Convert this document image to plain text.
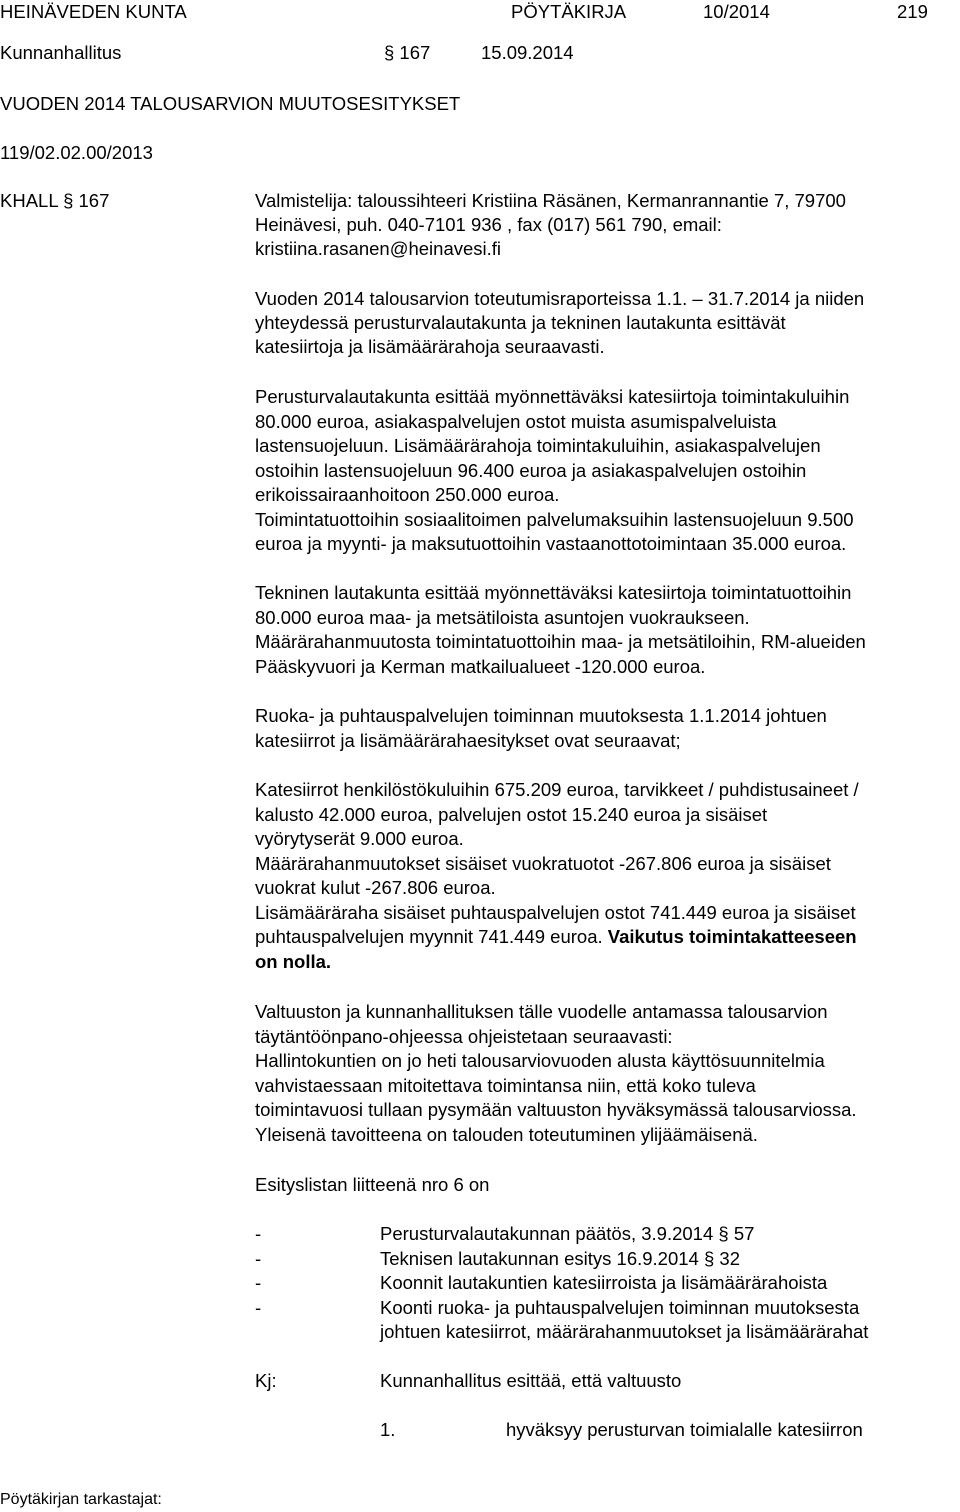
HEINÄVEDEN KUNTA	PÖYTÄKIRJA	10/2014	219
Kunnanhallitus	§ 167	15.09.2014
VUODEN 2014 TALOUSARVION MUUTOSESITYKSET
119/02.02.00/2013
KHALL § 167	Valmistelija: taloussihteeri Kristiina Räsänen, Kermanrannantie 7, 79700
Heinävesi, puh. 040-7101 936 , fax (017) 561 790, email:
kristiina.rasanen@heinavesi.fi
Vuoden 2014 talousarvion toteutumisraporteissa 1.1. – 31.7.2014 ja niiden
yhteydessä perusturvalautakunta ja tekninen lautakunta esittävät
katesiirtoja ja lisämäärärahoja seuraavasti.
Perusturvalautakunta esittää myönnettäväksi katesiirtoja toimintakuluihin
80.000 euroa, asiakaspalvelujen ostot muista asumispalveluista
lastensuojeluun. Lisämäärärahoja toimintakuluihin, asiakaspalvelujen
ostoihin lastensuojeluun 96.400 euroa ja asiakaspalvelujen ostoihin
erikoissairaanhoitoon 250.000 euroa.
Toimintatuottoihin sosiaalitoimen palvelumaksuihin lastensuojeluun 9.500
euroa ja myynti- ja maksutuottoihin vastaanottotoimintaan 35.000 euroa.
Tekninen lautakunta esittää myönnettäväksi katesiirtoja toimintatuottoihin
80.000 euroa maa- ja metsätiloista asuntojen vuokraukseen.
Määrärahanmuutosta toimintatuottoihin maa- ja metsätiloihin, RM-alueiden
Pääskyvuori ja Kerman matkailualueet -120.000 euroa.
Ruoka- ja puhtauspalvelujen toiminnan muutoksesta 1.1.2014 johtuen
katesiirrot ja lisämäärärahaesitykset ovat seuraavat;
Katesiirrot henkilöstökuluihin 675.209 euroa, tarvikkeet / puhdistusaineet /
kalusto 42.000 euroa, palvelujen ostot 15.240 euroa ja sisäiset
vyörytyserät 9.000 euroa.
Määrärahanmuutokset sisäiset vuokratuotot -267.806 euroa ja sisäiset
vuokrat kulut -267.806 euroa.
Lisämääräraha sisäiset puhtauspalvelujen ostot 741.449 euroa ja sisäiset
puhtauspalvelujen myynnit 741.449 euroa. Vaikutus toimintakatteeseen
on nolla.
Valtuuston ja kunnanhallituksen tälle vuodelle antamassa talousarvion
täytäntöönpano-ohjeessa ohjeistetaan seuraavasti:
Hallintokuntien on jo heti talousarviovuoden alusta käyttösuunnitelmia
vahvistaessaan mitoitettava toimintansa niin, että koko tuleva
toimintavuosi tullaan pysymään valtuuston hyväksymässä talousarviossa.
Yleisenä tavoitteena on talouden toteutuminen ylijäämäisenä.
Esityslistan liitteenä nro 6 on
-	Perusturvalautakunnan päätös, 3.9.2014 § 57
-	Teknisen lautakunnan esitys 16.9.2014 § 32
-	Koonnit lautakuntien katesiirroista ja lisämäärärahoista
-	Koonti ruoka- ja puhtauspalvelujen toiminnan muutoksesta
johtuen katesiirrot, määrärahanmuutokset ja lisämäärärahat
Kj:	Kunnanhallitus esittää, että valtuusto
1.	hyväksyy perusturvan toimialalle katesiirron
Pöytäkirjan tarkastajat:
